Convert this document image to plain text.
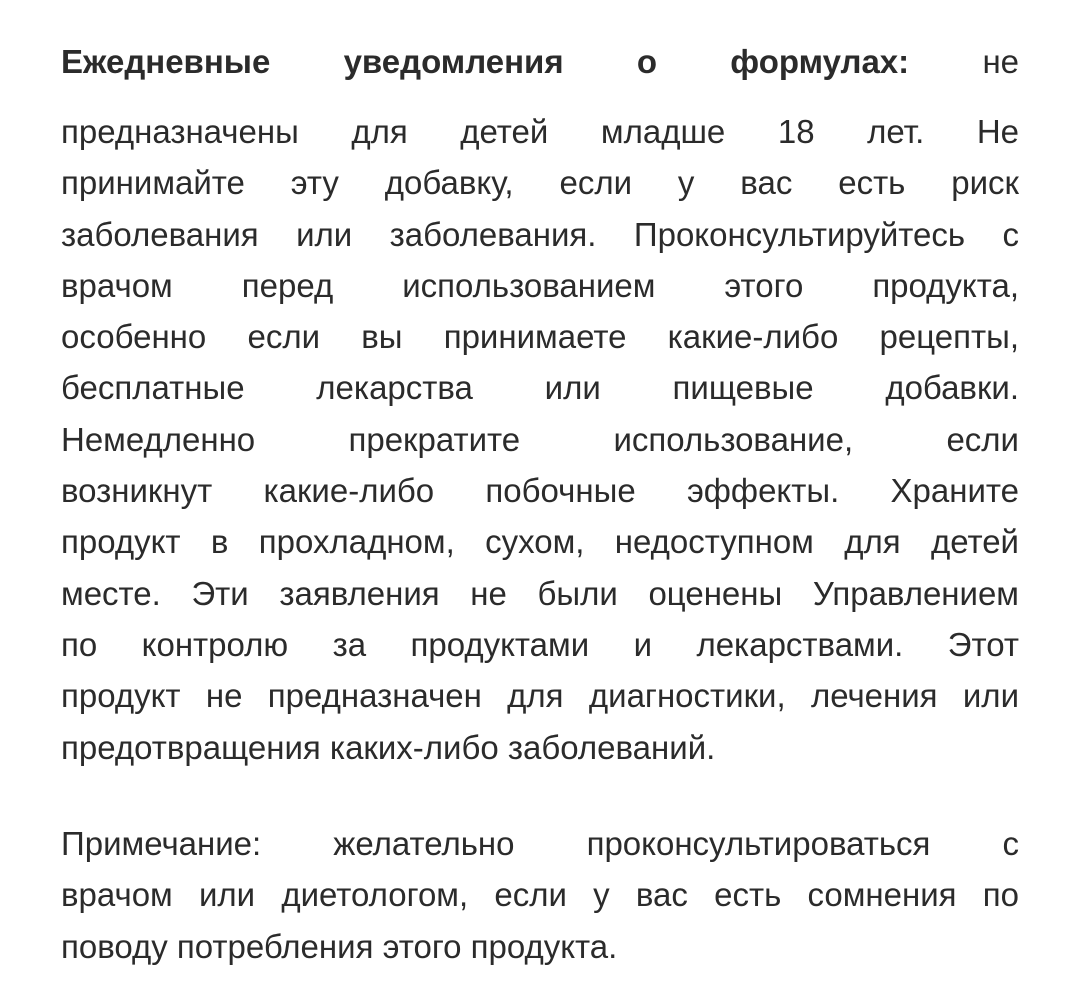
Ежедневные уведомления о формулах: не
предназначены для детей младше 18 лет. Не
принимайте эту добавку, если у вас есть риск
заболевания или заболевания. Проконсультируйтесь с
врачом перед использованием этого продукта,
особенно если вы принимаете какие-либо рецепты,
бесплатные лекарства или пищевые добавки.
Немедленно прекратите использование, если
возникнут какие-либо побочные эффекты. Храните
продукт в прохладном, сухом, недоступном для детей
месте. Эти заявления не были оценены Управлением
по контролю за продуктами и лекарствами. Этот
продукт не предназначен для диагностики, лечения или
предотвращения каких-либо заболеваний.
Примечание: желательно проконсультироваться с
врачом или диетологом, если у вас есть сомнения по
поводу потребления этого продукта.
